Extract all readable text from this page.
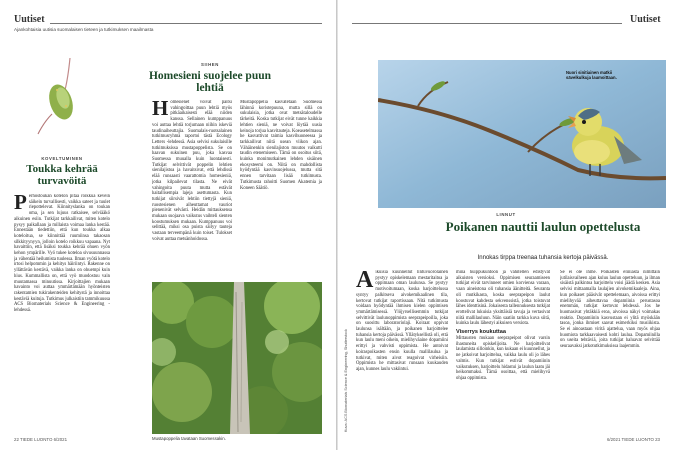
Uutiset
Ajankohtaisia uutisia suomalaisen tieteen ja tutkimuksen maailmasta
KOVELTUMINEN
Toukka kehrää turvavöitä
P erhostoukan kotelon pitää roikkua kevein säikein turvallisesti, vaikka sateet ja tuulet riepottelevat. Kiinnityslanka on toukan oma, ja sen lujuus ratkaisee, selviääkö aikuinen esiin. Tutkijat tarkkailivat, miten kotelo pysyy paikallaan ja millaista voimaa lanka kestää. Ennestään tiedettiin, että kun toukka alkaa koteloitua, se kiinnittää ruumiinsa takaosan silkkityynyyn, jolloin kotelo roikkuu vapaana. Nyt havaittiin, että lisäksi toukka kehrää ohuen vyön kehon ympärille. Vyö tukee koteloa sivusuunnassa ja vähentää heilumista tuulessa. Ilman vyötä kotelo irtosi helpommin ja kehitys häiriintyi. Rakenne on yllättävän kestävä, vaikka lanka on ohuempi kuin hius. Kummallista on, että vyö muodostuu vain muutamassa minuutissa. Kirjoittajien mukaan havainto voi auttaa ymmärtämään hyönteisten rakentamien tukirakenteiden kehitystä ja innoittaa kestäviä kuituja. Tutkimus julkaistiin tammikuussa ACS Biomaterials Science & Engineering -lehdessä.
SIIHEN
Homesieni suojelee puun lehtiä
H omesienet voivat paitsi vahingoittaa puun lehtiä myös pitkäaikaisesti elää niiden kanssa. Sellainen kumppanuus voi auttaa lehtiä torjumaan niihin iskeviä taudinaiheuttajia. Suomalais-ruotsalainen tutkimusryhmä raportoi tästä Ecology Letters -lehdessä. Asia selvisi sukulaisille tutkimuksissa mustapoppelista. Se on haavan sukuinen puu, joka kasvaa Suomessa muualla kuin luontaisesti. Tutkijat selvittivät poppelin lehtien sienilajistoa ja havaitsivat, että lehdissä elää runsaasti vaarattomia homesieniä, jotka kilpailevat tilasta. Ne eivät vahingoita puuta mutta estävät haitallisempia lajeja asettumasta. Kun tutkijat siirsivät lehtiin tiettyjä sieniä, ruostesienen aiheuttamat vauriot pienenivät selvästi. Heidän mittauksensa mukaan suojaava vaikutus vaihteli sienten koostumuksen mukaan. Kumppanuus voi selittää, miksi osa puista säilyy tauteja vastaan terveempänä kuin toiset. Tulokset voivat auttaa metsänhoidossa.
Mustapoppelia kasvatetaan Suomessa lähinnä koristepuuna, mutta sillä on sukulaisia, jotka ovat metsätaloudelle tärkeitä. Koska tutkijat eivät tunne kaikkia lehtien sieniä, ne voivat löytää uusia keinoja torjua kasvitauteja. Koeasetelmassa he kasvattivat taimia kasvihuoneessa ja tarkkailivat niitä usean viikon ajan. Vähäinenkin sienilajiston muutos vaikutti taudin etenemiseen. Tämä on osoitus siitä, kuinka monimutkainen lehden sisäinen ekosysteemi on. Niitä on mahdollista hyödyntää kasvinsuojelussa, mutta sitä ennen tarvitaan lisää tutkimusta. Tutkimusta rahoitti Suomen Akatemia ja Koneen Säätiö.
Mustapoppelia tavataan Suomessakin.
22 TIEDE LUONTO 6/2021
Uutiset
Nuori sinitiainen matkii sävelkulkuja laumoittaan.
LINNUT
Poikanen nauttii laulun opettelusta
Innokas tirppa treenaa tuhansia kertoja päivässä.
Kuva: ACS Biomaterials Science & Engineering, Shutterstock
A ikuisia kuunnellut lintuvuorolainen pystyy opiskelemaan mestaritaitoa ja oppimaan oman laulunsa. Se pystyy motivoitumaan, koska harjoittelussa syntyy palkitseva aivokemikaalinen tila, kertovat tutkijat raportissaan. Nitä tutkimusta voidaan hyödyntää ihmisen kielen oppimisen ymmärtämisessä. Ylöjyrsellisemmin tutkijat selvittivät laulunoppimista seeprapeipoilla, joka on suosittu laboratoriolaji. Koiraat oppivat laulunsa isältään, ja poikanen harjoittelee tuhansia kertoja päivässä. Yllätyksellistä oli, että kun laulu meni oikein, mielihyväaine dopamiini erittyi ja vahvisti oppimista. He antoivat koiraspoikasten ensin kuulla mallilaulua ja tutkivat, miten aivot reagoivat virheisiin. Oppimista he mittasivat runsaan kuukauden ajan, kunnes laulu vakiintui.

minä huippukuntoon ja vähitellen edistyvät aikuisten versioksi. Oppimisen seuraamiseen tutkijat eivät tarvinneet omien korviensa varaan, vaan aineistona oli tuhansia äänitteitä. Seuranta oli mutkikasta, koska seeprapeipon laulut koostuvat kahdesta sekvenssistä, jotka toistuvat lähes identtisinä. Jokaisesta tallennuksesta tutkijat erottelivat lukuisia yksittäisiä tavuja ja vertasivat niitä mallilauluun. Näin saatiin tarkka kuva siitä, kuinka laulu lähestyi aikuisen versiota.

Viserrys koukuttaa

Mittausten mukaan seeprapeipot olivat varsin ihastuneita opiskelijoita. Ne harjoittelivat laulamista silloinkin, kun kukaan ei kuunnellut, ja ne jatkoivat harjoittelua, vaikka laulu oli jo lähes valmis. Kun tutkijat estivät dopamiinin vaikutuksen, harjoittelu hidastui ja laulun laatu jäi heikommaksi. Tämä osoittaa, että mielihyvä ohjaa oppimista.

Se ei ole ihme. Poikasten eliniästä nimittäin jutilaisvaiheen ajan kuluu laulun opetteluun, ja ilman sisäistä palkintoa harjoittelu voisi jäädä kesken. Asia selvisi mittaamalla laulajien aivokemikaaleja. Aina, kun poikaset pääsivät opettelemaan, aivoissa erittyi mielihyvää aiheuttavaa dopamiinia perustasoa enemmän, tutkijat kertovat lehdessä. Jos he huomasivat yhtäkkiä eroa, aivoissa näkyi voimakas reaktio. Dopamiinin kasvustaan ei ylitä myöskään tasoa, jonka ihmiset saavat esimerkiksi musiikista. Se ei ainoastaan viritä ajattelua, vaan myös ohjaa huomiota tarkkaavaisesti kohti laulua. Dopamiinilla on useita tehtäviä, joita tutkijat haluavat selvittää seuraavaksi jatkotutkimuksissa laajemmin.
6/2021 TIEDE LUONTO 23
